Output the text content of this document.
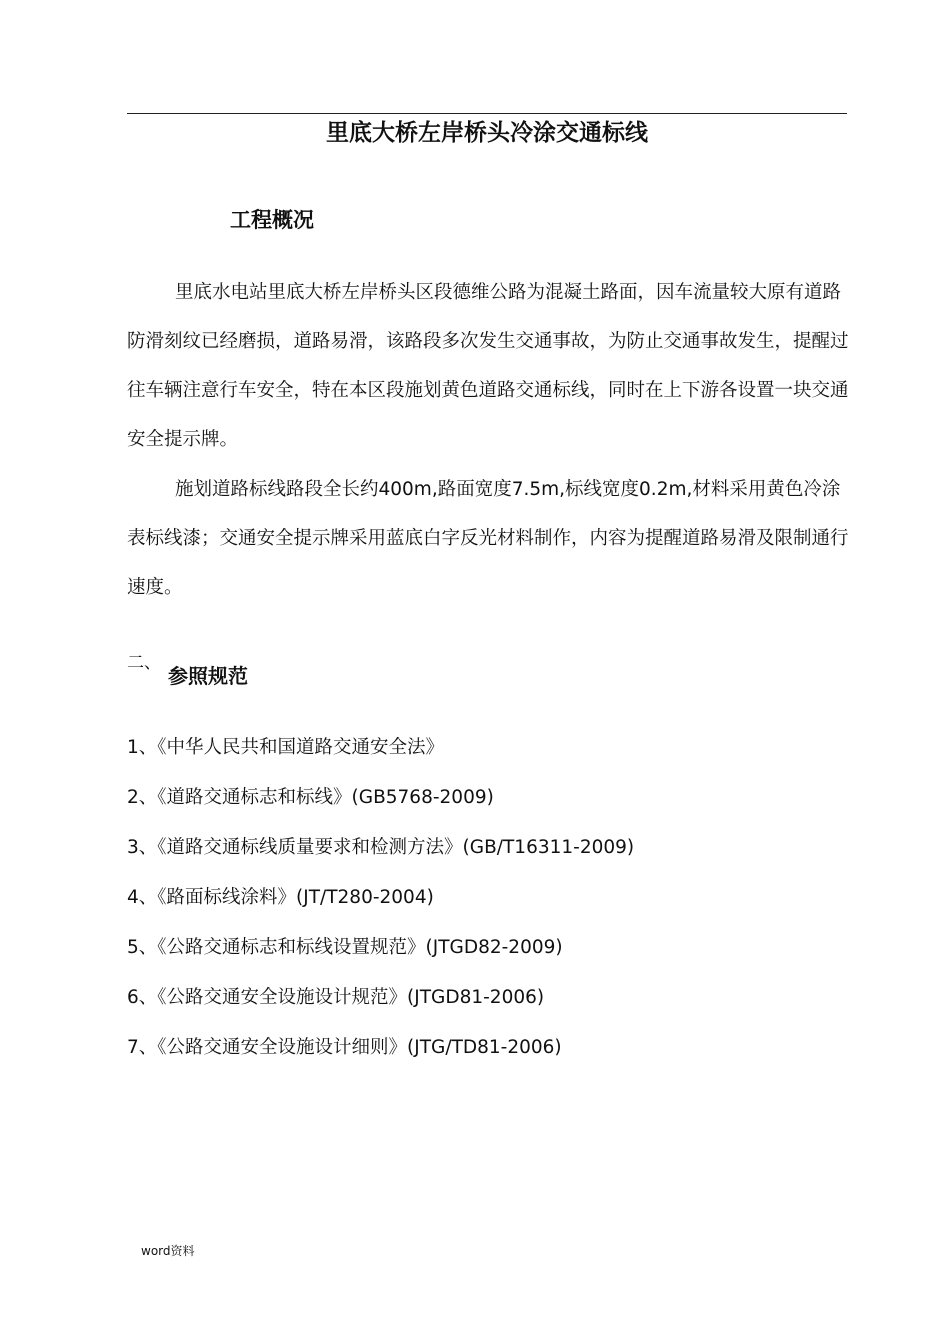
里底大桥左岸桥头冷涂交通标线
工程概况

里底水电站里底大桥左岸桥头区段德维公路为混凝土路面，因车流量较大原有道路防滑刻纹已经磨损，道路易滑，该路段多次发生交通事故，为防止交通事故发生，提醒过往车辆注意行车安全，特在本区段施划黄色道路交通标线，同时在上下游各设置一块交通安全提示牌。

施划道路标线路段全长约400m,路面宽度7.5m,标线宽度0.2m,材料采用黄色冷涂表标线漆；交通安全提示牌采用蓝底白字反光材料制作，内容为提醒道路易滑及限制通行速度。

二、
参照规范
1、《中华人民共和国道路交通安全法》
2、《道路交通标志和标线》(GB5768-2009)
3、《道路交通标线质量要求和检测方法》(GB/T16311-2009)
4、《路面标线涂料》(JT/T280-2004)
5、《公路交通标志和标线设置规范》(JTGD82-2009)
6、《公路交通安全设施设计规范》(JTGD81-2006)
7、《公路交通安全设施设计细则》(JTG/TD81-2006)
word资料
